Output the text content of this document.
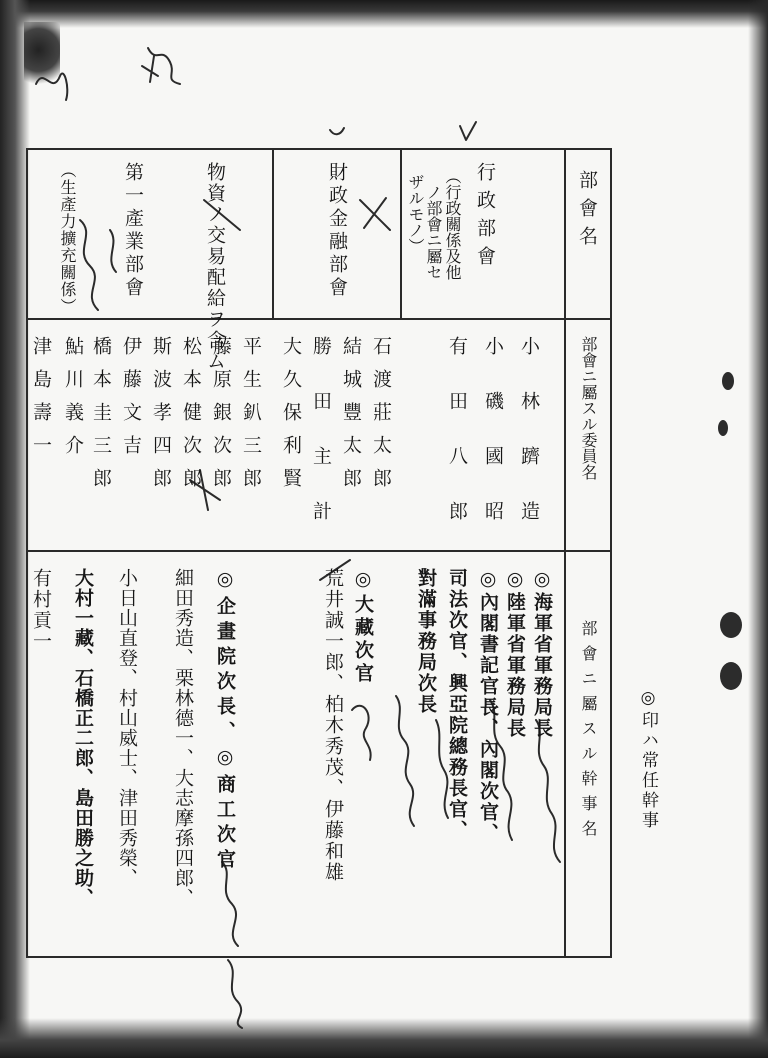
部會名
部會ニ屬スル委員名
部會ニ屬スル幹事名
行政部會
（行政關係及他
ノ部會ニ屬セ
ザルモノ）
小林躋造
小磯國昭
有田八郎
◎海軍省軍務局長
◎陸軍省軍務局長
◎內閣書記官長、內閣次官、
司法次官、興亞院總務長官、
對滿事務局次長
財政金融部會
石渡莊太郎
結城豐太郎
勝田主計
大久保利賢
◎大藏次官
荒井誠一郎、柏木秀茂、伊藤和雄
物資ノ交易配給ヲ含ム
平生釟三郎
藤原銀次郎
松本健次郎
斯波孝四郎
◎企畫院次長、◎商工次官
細田秀造、栗林德一、大志摩孫四郎、
小日山直登、村山威士、津田秀榮、
第一產業部會
（生產力擴充關係）
伊藤文吉
橋本圭三郎
鮎川義介
津島壽一
大村一藏、石橋正二郎、島田勝之助、
有村貢一
◎印ハ常任幹事
